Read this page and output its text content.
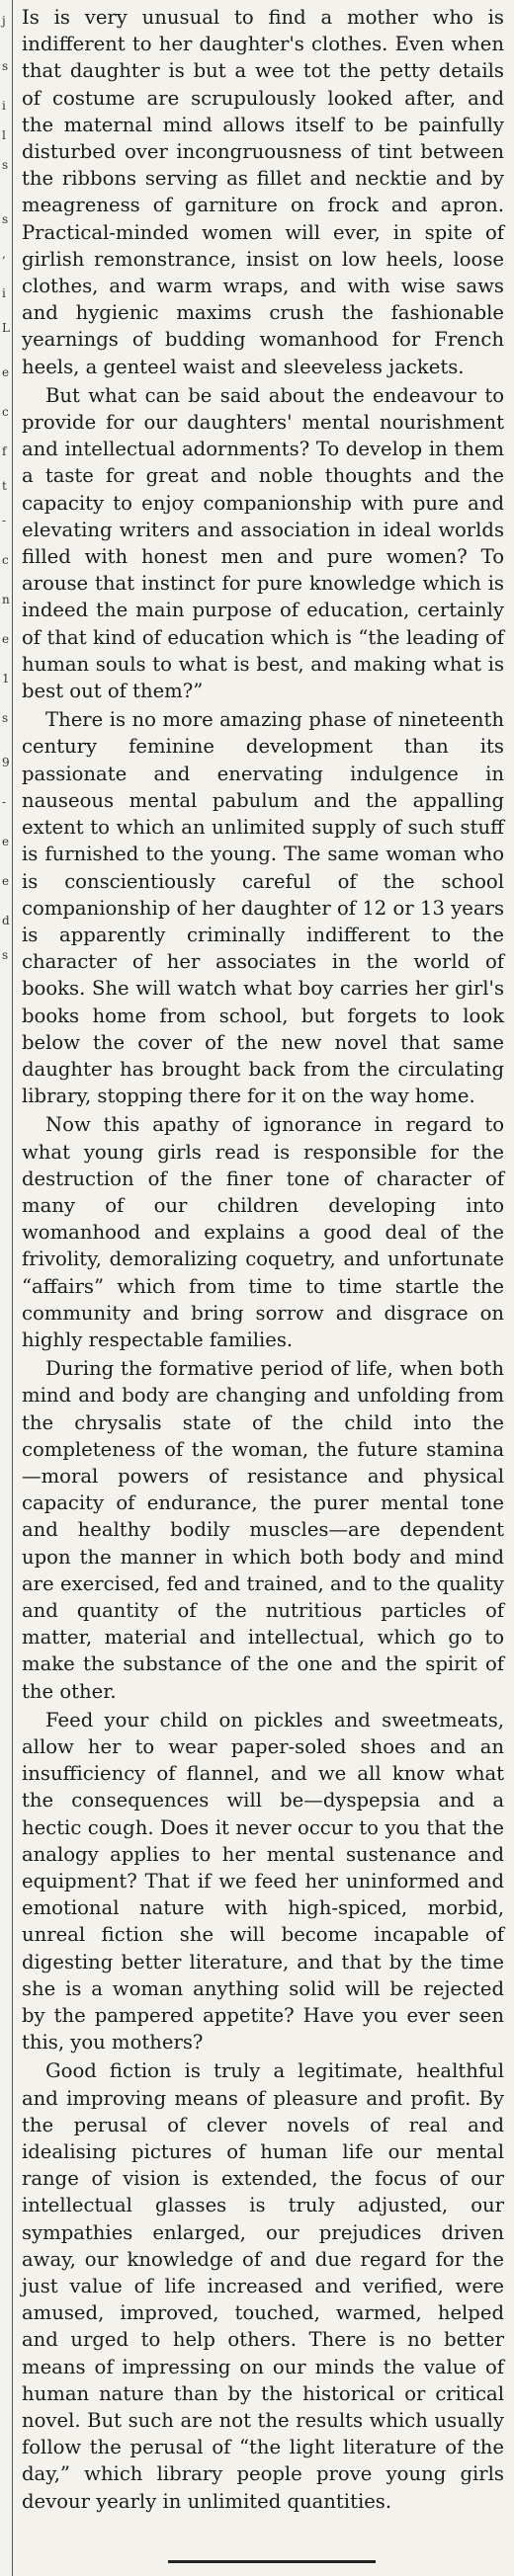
j
s
i
l
s
s
,
i
L
e
c
f
t
-
c
n
e
1
s
9
-
e
e
d
s

Is is very unusual to find a mother who is indifferent to her daughter's clothes. Even when that daughter is but a wee tot the petty details of costume are scrupulously looked after, and the maternal mind allows itself to be painfully disturbed over incongruousness of tint between the ribbons serving as fillet and necktie and by meagreness of garniture on frock and apron. Practical-minded women will ever, in spite of girlish remonstrance, insist on low heels, loose clothes, and warm wraps, and with wise saws and hygienic maxims crush the fashionable yearnings of budding womanhood for French heels, a genteel waist and sleeveless jackets.

But what can be said about the endeavour to provide for our daughters' mental nourishment and intellectual adornments? To develop in them a taste for great and noble thoughts and the capacity to enjoy companionship with pure and elevating writers and association in ideal worlds filled with honest men and pure women? To arouse that instinct for pure knowledge which is indeed the main purpose of education, certainly of that kind of education which is “the leading of human souls to what is best, and making what is best out of them?”

There is no more amazing phase of nineteenth century feminine development than its passionate and enervating indulgence in nauseous mental pabulum and the appalling extent to which an unlimited supply of such stuff is furnished to the young. The same woman who is conscientiously careful of the school companionship of her daughter of 12 or 13 years is apparently criminally indifferent to the character of her associates in the world of books. She will watch what boy carries her girl's books home from school, but forgets to look below the cover of the new novel that same daughter has brought back from the circulating library, stopping there for it on the way home.

Now this apathy of ignorance in regard to what young girls read is responsible for the destruction of the finer tone of character of many of our children developing into womanhood and explains a good deal of the frivolity, demoralizing coquetry, and unfortunate “affairs” which from time to time startle the community and bring sorrow and disgrace on highly respectable families.

During the formative period of life, when both mind and body are changing and unfolding from the chrysalis state of the child into the completeness of the woman, the future stamina—moral powers of resistance and physical capacity of endurance, the purer mental tone and healthy bodily muscles—are dependent upon the manner in which both body and mind are exercised, fed and trained, and to the quality and quantity of the nutritious particles of matter, material and intellectual, which go to make the substance of the one and the spirit of the other.

Feed your child on pickles and sweetmeats, allow her to wear paper-soled shoes and an insufficiency of flannel, and we all know what the consequences will be—dyspepsia and a hectic cough. Does it never occur to you that the analogy applies to her mental sustenance and equipment? That if we feed her uninformed and emotional nature with high-spiced, morbid, unreal fiction she will become incapable of digesting better literature, and that by the time she is a woman anything solid will be rejected by the pampered appetite? Have you ever seen this, you mothers?

Good fiction is truly a legitimate, healthful and improving means of pleasure and profit. By the perusal of clever novels of real and idealising pictures of human life our mental range of vision is extended, the focus of our intellectual glasses is truly adjusted, our sympathies enlarged, our prejudices driven away, our knowledge of and due regard for the just value of life increased and verified, were amused, improved, touched, warmed, helped and urged to help others. There is no better means of impressing on our minds the value of human nature than by the historical or critical novel. But such are not the results which usually follow the perusal of “the light literature of the day,” which library people prove young girls devour yearly in unlimited quantities.
